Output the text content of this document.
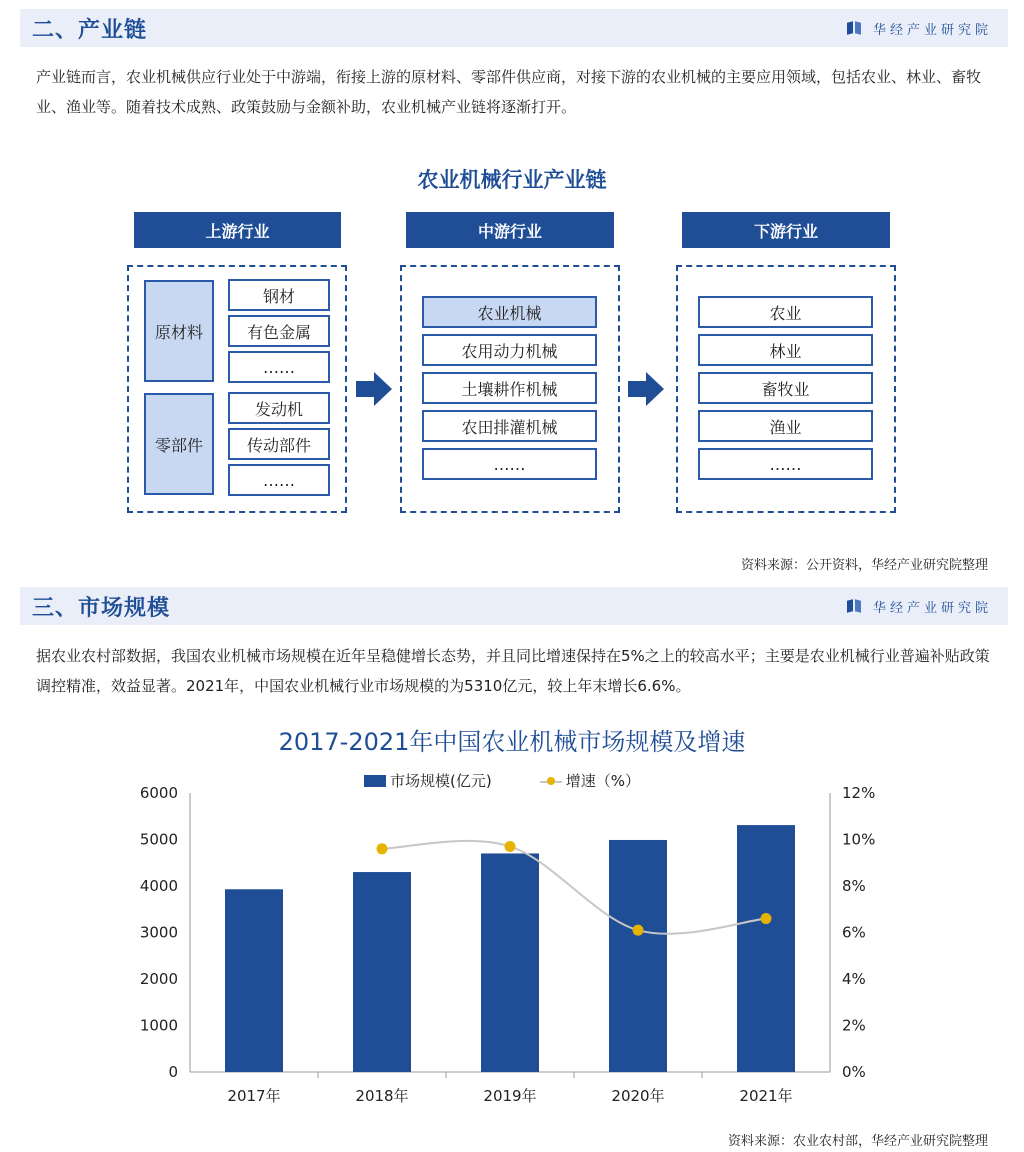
二、产业链	华经产业研究院
产业链而言，农业机械供应行业处于中游端，衔接上游的原材料、零部件供应商，对接下游的农业机械的主要应用领域，包括农业、林业、畜牧业、渔业等。随着技术成熟、政策鼓励与金额补助，农业机械产业链将逐渐打开。
农业机械行业产业链
上游行业	中游行业	下游行业
原材料
钢材
有色金属
……
零部件
发动机
传动部件
……
农业机械
农用动力机械
土壤耕作机械
农田排灌机械
……
农业
林业
畜牧业
渔业
……
资料来源：公开资料，华经产业研究院整理
三、市场规模	华经产业研究院
据农业农村部数据，我国农业机械市场规模在近年呈稳健增长态势，并且同比增速保持在5%之上的较高水平；主要是农业机械行业普遍补贴政策调控精准，效益显著。2021年，中国农业机械行业市场规模的为5310亿元，较上年末增长6.6%。
2017-2021年中国农业机械市场规模及增速
市场规模(亿元)	增速（%）
0
1000
2000
3000
4000
5000
6000
0%
2%
4%
6%
8%
10%
12%
2017年	2018年	2019年	2020年	2021年
资料来源：农业农村部，华经产业研究院整理
